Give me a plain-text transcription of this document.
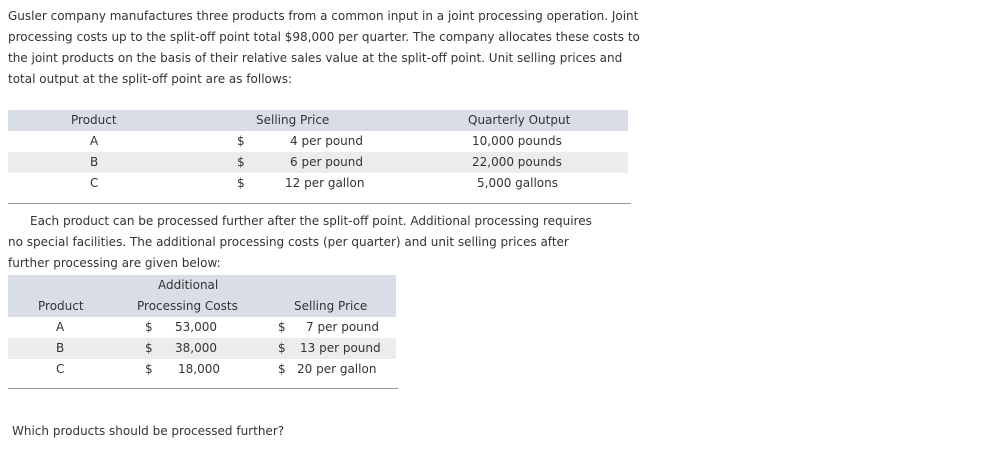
Gusler company manufactures three products from a common input in a joint processing operation. Joint processing costs up to the split-off point total $98,000 per quarter. The company allocates these costs to the joint products on the basis of their relative sales value at the split-off point. Unit selling prices and total output at the split-off point are as follows:

Product	Selling Price	Quarterly Output
A	$	4 per pound	10,000 pounds
B	$	6 per pound	22,000 pounds
C	$	12 per gallon	5,000 gallons

Each product can be processed further after the split-off point. Additional processing requires no special facilities. The additional processing costs (per quarter) and unit selling prices after further processing are given below:

Additional
Product	Processing Costs	Selling Price
A	$ 53,000	$ 7 per pound
B	$ 38,000	$ 13 per pound
C	$ 18,000	$ 20 per gallon

Which products should be processed further?
